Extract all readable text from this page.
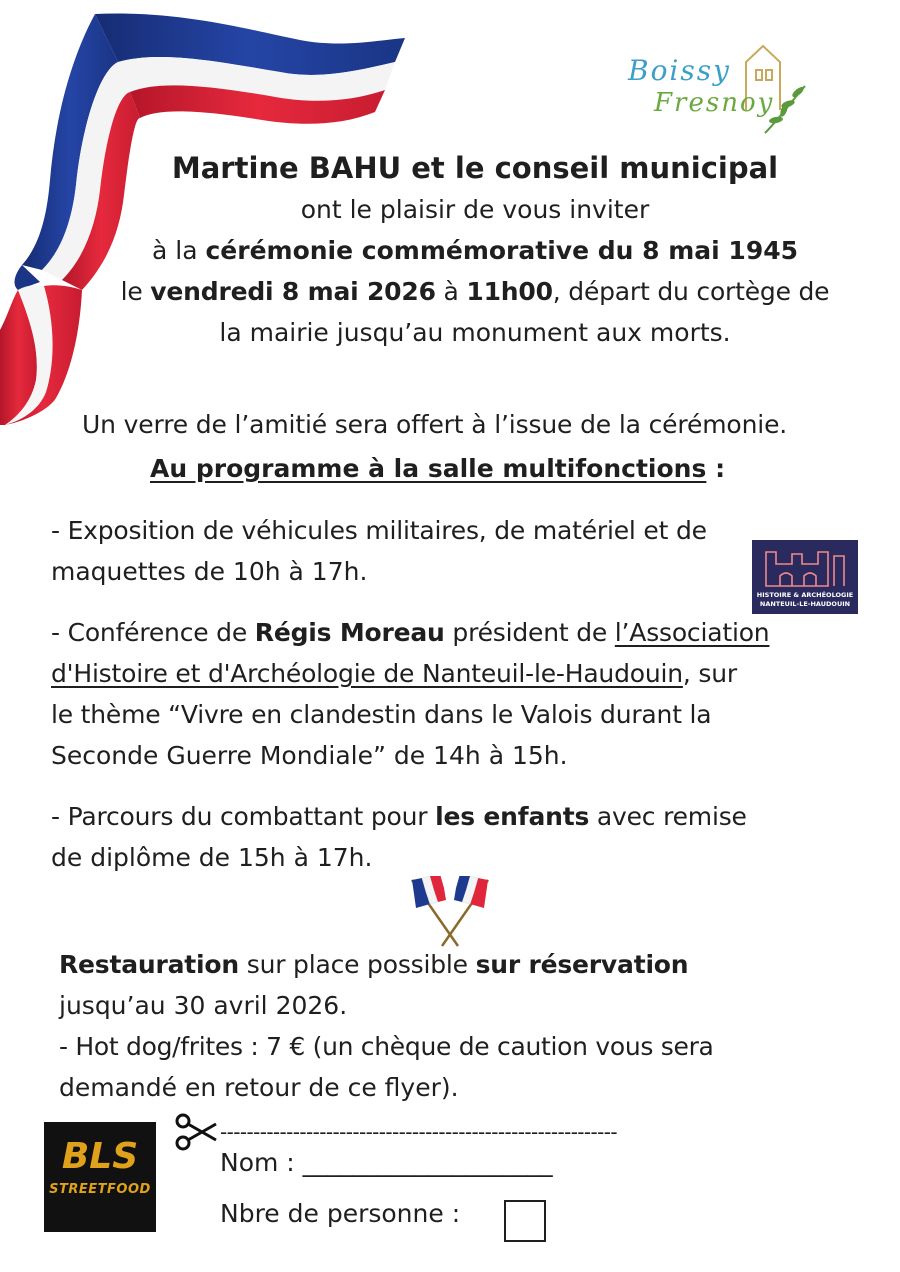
Boissy
Fresnoy

Martine BAHU et le conseil municipal

ont le plaisir de vous inviter

à la cérémonie commémorative du 8 mai 1945

le vendredi 8 mai 2026 à 11h00, départ du cortège de

la mairie jusqu’au monument aux morts.

Un verre de l’amitié sera offert à l’issue de la cérémonie.

Au programme à la salle multifonctions :

- Exposition de véhicules militaires, de matériel et de

maquettes de 10h à 17h.

HISTOIRE & ARCHÉOLOGIE
NANTEUIL-LE-HAUDOUIN

- Conférence de Régis Moreau président de l’Association

d'Histoire et d'Archéologie de Nanteuil-le-Haudouin, sur

le thème “Vivre en clandestin dans le Valois durant la

Seconde Guerre Mondiale” de 14h à 15h.

- Parcours du combattant pour les enfants avec remise

de diplôme de 15h à 17h.

Restauration sur place possible sur réservation

jusqu’au 30 avril 2026.

- Hot dog/frites : 7 € (un chèque de caution vous sera

demandé en retour de ce flyer).

BLS
STREETFOOD

------------------------------------------------------------

Nom : ____________________

Nbre de personne :
